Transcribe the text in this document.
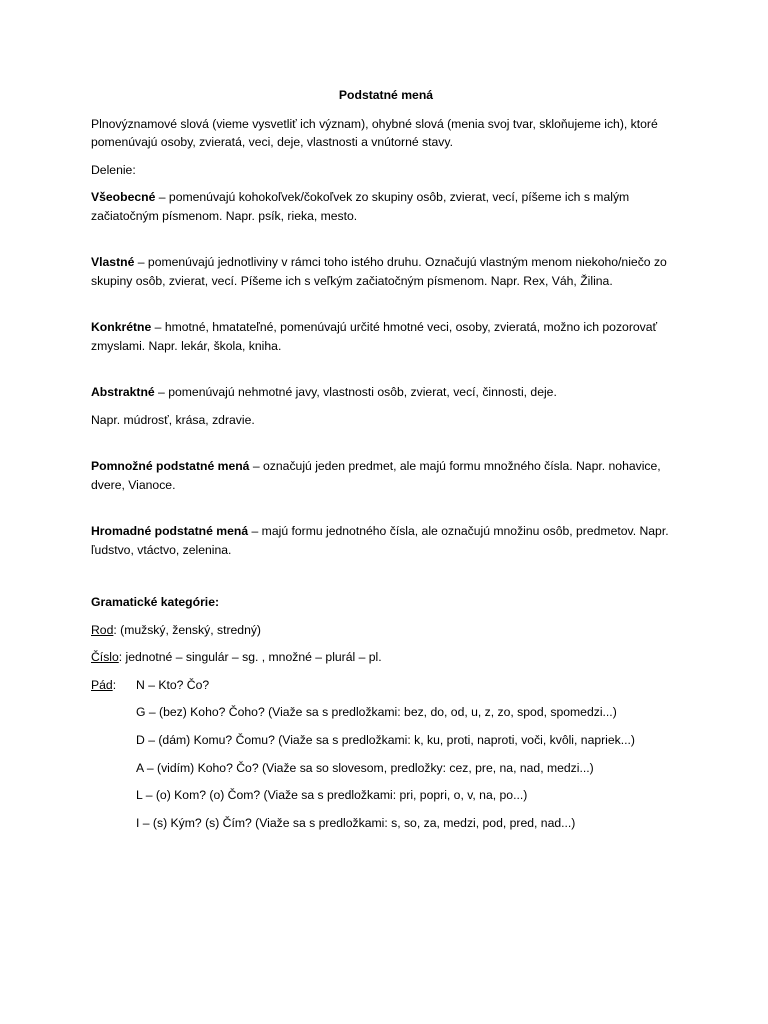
Podstatné mená

Plnovýznamové slová (vieme vysvetliť ich význam), ohybné slová (menia svoj tvar, skloňujeme ich), ktoré pomenúvajú osoby, zvieratá, veci, deje, vlastnosti a vnútorné stavy.

Delenie:

Všeobecné – pomenúvajú kohokoľvek/čokoľvek zo skupiny osôb, zvierat, vecí, píšeme ich s malým začiatočným písmenom. Napr. psík, rieka, mesto.

Vlastné – pomenúvajú jednotliviny v rámci toho istého druhu. Označujú vlastným menom niekoho/niečo zo skupiny osôb, zvierat, vecí. Píšeme ich s veľkým začiatočným písmenom. Napr. Rex, Váh, Žilina.

Konkrétne – hmotné, hmatateľné, pomenúvajú určité hmotné veci, osoby, zvieratá, možno ich pozorovať zmyslami. Napr. lekár, škola, kniha.

Abstraktné – pomenúvajú nehmotné javy, vlastnosti osôb, zvierat, vecí, činnosti, deje.

Napr. múdrosť, krása, zdravie.

Pomnožné podstatné mená – označujú jeden predmet, ale majú formu množného čísla. Napr. nohavice, dvere, Vianoce.

Hromadné podstatné mená – majú formu jednotného čísla, ale označujú množinu osôb, predmetov. Napr. ľudstvo, vtáctvo, zelenina.

Gramatické kategórie:

Rod: (mužský, ženský, stredný)

Číslo: jednotné – singulár – sg. , množné – plurál – pl.

Pád:	N – Kto? Čo?
G – (bez) Koho? Čoho? (Viaže sa s predložkami: bez, do, od, u, z, zo, spod, spomedzi...)
D – (dám) Komu? Čomu? (Viaže sa s predložkami: k, ku, proti, naproti, voči, kvôli, napriek...)
A – (vidím) Koho? Čo? (Viaže sa so slovesom, predložky: cez, pre, na, nad, medzi...)
L – (o) Kom? (o) Čom? (Viaže sa s predložkami: pri, popri, o, v, na, po...)
I – (s) Kým? (s) Čím? (Viaže sa s predložkami: s, so, za, medzi, pod, pred, nad...)
